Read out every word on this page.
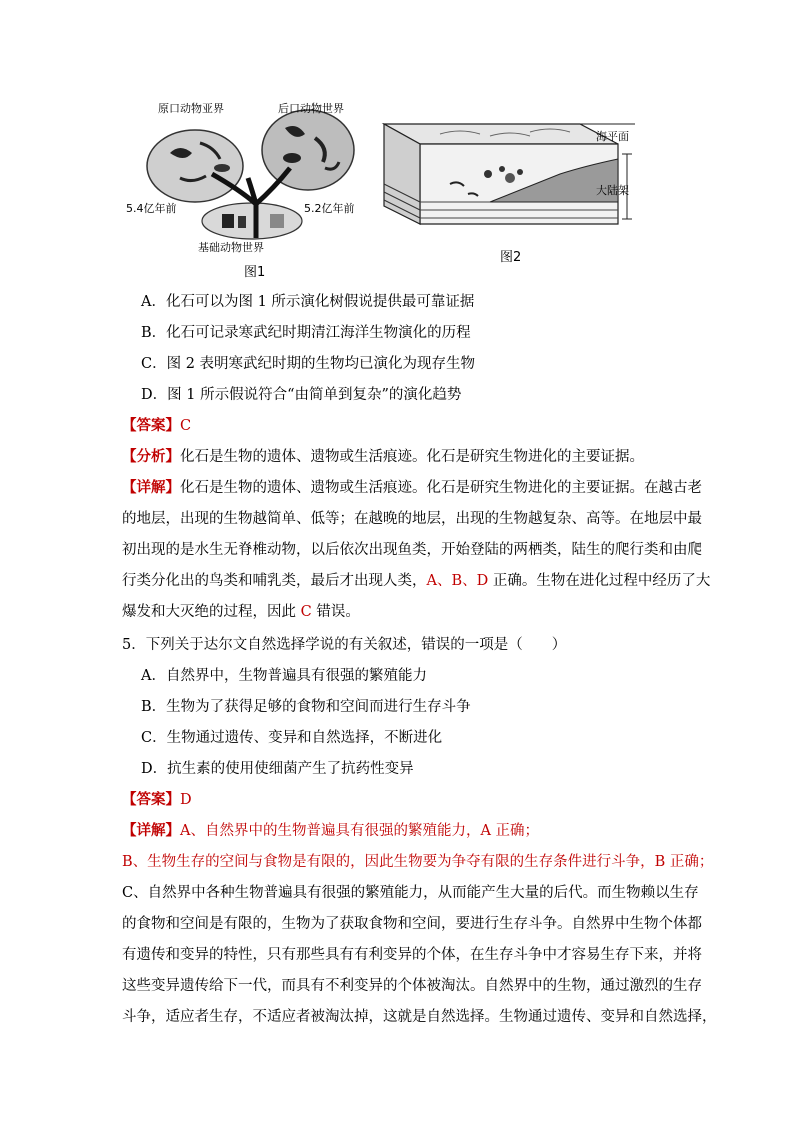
原口动物亚界	后口动物世界
5.4亿年前	5.2亿年前
基础动物世界
图1
海平面
大陆架
图2
A．化石可以为图 1 所示演化树假说提供最可靠证据
B．化石可记录寒武纪时期清江海洋生物演化的历程
C．图 2 表明寒武纪时期的生物均已演化为现存生物
D．图 1 所示假说符合“由简单到复杂”的演化趋势
【答案】C
【分析】化石是生物的遗体、遗物或生活痕迹。化石是研究生物进化的主要证据。
【详解】化石是生物的遗体、遗物或生活痕迹。化石是研究生物进化的主要证据。在越古老
的地层，出现的生物越简单、低等；在越晚的地层，出现的生物越复杂、高等。在地层中最
初出现的是水生无脊椎动物，以后依次出现鱼类，开始登陆的两栖类，陆生的爬行类和由爬
行类分化出的鸟类和哺乳类，最后才出现人类，A、B、D 正确。生物在进化过程中经历了大
爆发和大灭绝的过程，因此 C 错误。
5．下列关于达尔文自然选择学说的有关叙述，错误的一项是（　　）
A．自然界中，生物普遍具有很强的繁殖能力
B．生物为了获得足够的食物和空间而进行生存斗争
C．生物通过遗传、变异和自然选择，不断进化
D．抗生素的使用使细菌产生了抗药性变异
【答案】D
【详解】A、自然界中的生物普遍具有很强的繁殖能力，A 正确；
B、生物生存的空间与食物是有限的，因此生物要为争夺有限的生存条件进行斗争，B 正确；
C、自然界中各种生物普遍具有很强的繁殖能力，从而能产生大量的后代。而生物赖以生存
的食物和空间是有限的，生物为了获取食物和空间，要进行生存斗争。自然界中生物个体都
有遗传和变异的特性，只有那些具有有利变异的个体，在生存斗争中才容易生存下来，并将
这些变异遗传给下一代，而具有不利变异的个体被淘汰。自然界中的生物，通过激烈的生存
斗争，适应者生存，不适应者被淘汰掉，这就是自然选择。生物通过遗传、变异和自然选择，
